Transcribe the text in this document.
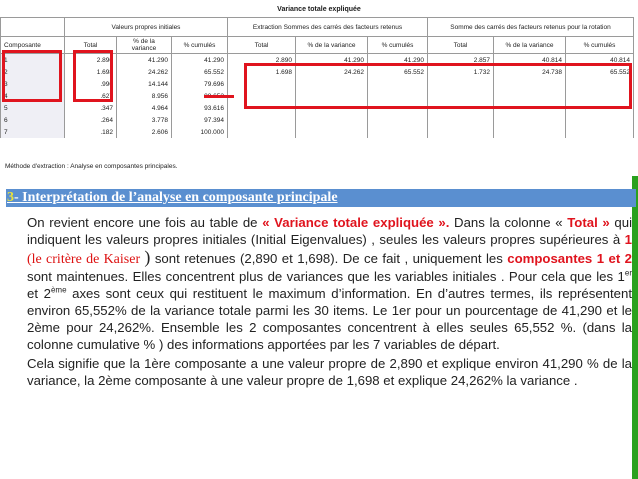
Variance totale expliquée
	Valeurs propres initiales			Extraction Sommes des carrés des facteurs retenus			Somme des carrés des facteurs retenus pour la rotation		
Composante	Total	% de la variance	% cumulés	Total	% de la variance	% cumulés	Total	% de la variance	% cumulés
1	2.890	41.290	41.290	2.890	41.290	41.290	2.857	40.814	40.814
2	1.698	24.262	65.552	1.698	24.262	65.552	1.732	24.738	65.552
3	.990	14.144	79.696						
4	.627	8.956							
5	.347	4.964	93.616						
6	.264	3.778	97.394						
7	.182	2.606	100.000						
Méthode d'extraction : Analyse en composantes principales.
3- Interprétation de l’analyse en composante principale

On revient encore une fois au table de « Variance totale expliquée ». Dans la colonne « Total » qui indiquent les valeurs propres initiales (Initial Eigenvalues) , seules les valeurs propres supérieures à 1 (le critère de Kaiser ) sont retenues (2,890 et 1,698). De ce fait , uniquement les composantes 1 et 2 sont maintenues. Elles concentrent plus de variances que les variables initiales . Pour cela que les 1er et 2ème axes sont ceux qui restituent le maximum d’information. En d’autres termes, ils représentent environ 65,552% de la variance totale parmi les 30 items. Le 1er pour un pourcentage de 41,290 et le 2ème pour 24,262%. Ensemble les 2 composantes concentrent à elles seules 65,552 %. (dans la colonne cumulative % ) des informations apportées par les 7 variables de départ.

Cela signifie que la 1ère composante a une valeur propre de 2,890 et explique environ 41,290 % de la variance, la 2ème composante à une valeur propre de 1,698 et explique 24,262% la variance .
